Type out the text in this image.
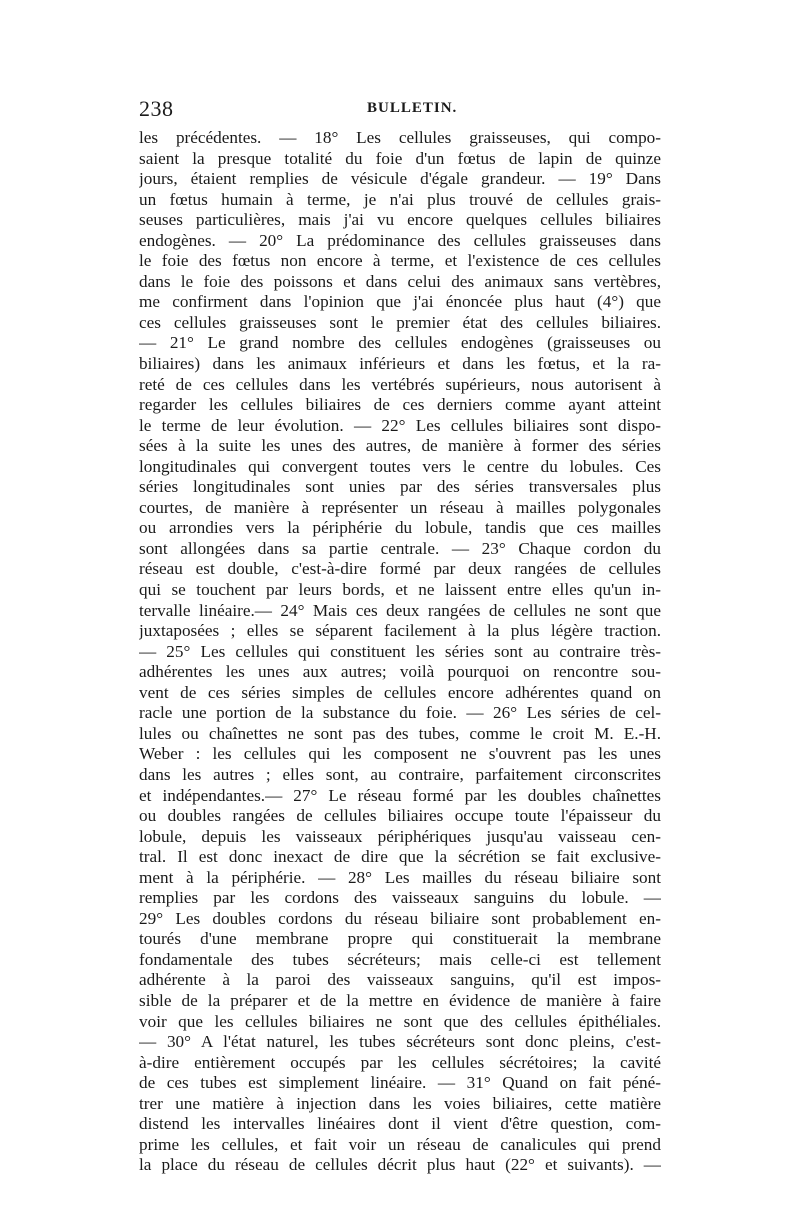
238	BULLETIN.
les précédentes. — 18° Les cellules graisseuses, qui compo-
saient la presque totalité du foie d'un fœtus de lapin de quinze
jours, étaient remplies de vésicule d'égale grandeur. — 19° Dans
un fœtus humain à terme, je n'ai plus trouvé de cellules grais-
seuses particulières, mais j'ai vu encore quelques cellules biliaires
endogènes. — 20° La prédominance des cellules graisseuses dans
le foie des fœtus non encore à terme, et l'existence de ces cellules
dans le foie des poissons et dans celui des animaux sans vertèbres,
me confirment dans l'opinion que j'ai énoncée plus haut (4°) que
ces cellules graisseuses sont le premier état des cellules biliaires.
— 21° Le grand nombre des cellules endogènes (graisseuses ou
biliaires) dans les animaux inférieurs et dans les fœtus, et la ra-
reté de ces cellules dans les vertébrés supérieurs, nous autorisent à
regarder les cellules biliaires de ces derniers comme ayant atteint
le terme de leur évolution. — 22° Les cellules biliaires sont dispo-
sées à la suite les unes des autres, de manière à former des séries
longitudinales qui convergent toutes vers le centre du lobules. Ces
séries longitudinales sont unies par des séries transversales plus
courtes, de manière à représenter un réseau à mailles polygonales
ou arrondies vers la périphérie du lobule, tandis que ces mailles
sont allongées dans sa partie centrale. — 23° Chaque cordon du
réseau est double, c'est-à-dire formé par deux rangées de cellules
qui se touchent par leurs bords, et ne laissent entre elles qu'un in-
tervalle linéaire.— 24° Mais ces deux rangées de cellules ne sont que
juxtaposées ; elles se séparent facilement à la plus légère traction.
— 25° Les cellules qui constituent les séries sont au contraire très-
adhérentes les unes aux autres; voilà pourquoi on rencontre sou-
vent de ces séries simples de cellules encore adhérentes quand on
racle une portion de la substance du foie. — 26° Les séries de cel-
lules ou chaînettes ne sont pas des tubes, comme le croit M. E.-H.
Weber : les cellules qui les composent ne s'ouvrent pas les unes
dans les autres ; elles sont, au contraire, parfaitement circonscrites
et indépendantes.— 27° Le réseau formé par les doubles chaînettes
ou doubles rangées de cellules biliaires occupe toute l'épaisseur du
lobule, depuis les vaisseaux périphériques jusqu'au vaisseau cen-
tral. Il est donc inexact de dire que la sécrétion se fait exclusive-
ment à la périphérie. — 28° Les mailles du réseau biliaire sont
remplies par les cordons des vaisseaux sanguins du lobule. —
29° Les doubles cordons du réseau biliaire sont probablement en-
tourés d'une membrane propre qui constituerait la membrane
fondamentale des tubes sécréteurs; mais celle-ci est tellement
adhérente à la paroi des vaisseaux sanguins, qu'il est impos-
sible de la préparer et de la mettre en évidence de manière à faire
voir que les cellules biliaires ne sont que des cellules épithéliales.
— 30° A l'état naturel, les tubes sécréteurs sont donc pleins, c'est-
à-dire entièrement occupés par les cellules sécrétoires; la cavité
de ces tubes est simplement linéaire. — 31° Quand on fait péné-
trer une matière à injection dans les voies biliaires, cette matière
distend les intervalles linéaires dont il vient d'être question, com-
prime les cellules, et fait voir un réseau de canalicules qui prend
la place du réseau de cellules décrit plus haut (22° et suivants). —
